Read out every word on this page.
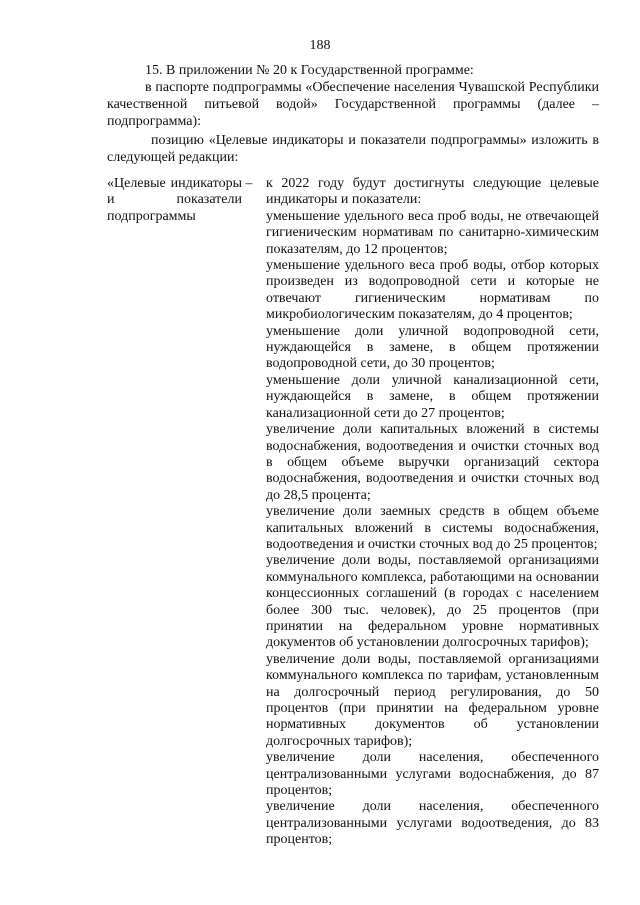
188

15. В приложении № 20 к Государственной программе:

в паспорте подпрограммы «Обеспечение населения Чувашской Республики качественной питьевой водой» Государственной программы (далее – подпрограмма):

позицию «Целевые индикаторы и показатели подпрограммы» изложить в следующей редакции:

«Целевые индикаторы и показатели подпрограммы
– к 2022 году будут достигнуты следующие целевые индикаторы и показатели:

уменьшение удельного веса проб воды, не отвечающей гигиеническим нормативам по санитарно-химическим показателям, до 12 процентов;

уменьшение удельного веса проб воды, отбор которых произведен из водопроводной сети и которые не отвечают гигиеническим нормативам по микробиологическим показателям, до 4 процентов;

уменьшение доли уличной водопроводной сети, нуждающейся в замене, в общем протяжении водопроводной сети, до 30 процентов;

уменьшение доли уличной канализационной сети, нуждающейся в замене, в общем протяжении канализационной сети до 27 процентов;

увеличение доли капитальных вложений в системы водоснабжения, водоотведения и очистки сточных вод в общем объеме выручки организаций сектора водоснабжения, водоотведения и очистки сточных вод до 28,5 процента;

увеличение доли заемных средств в общем объеме капитальных вложений в системы водоснабжения, водоотведения и очистки сточных вод до 25 процентов;

увеличение доли воды, поставляемой организациями коммунального комплекса, работающими на основании концессионных соглашений (в городах с населением более 300 тыс. человек), до 25 процентов (при принятии на федеральном уровне нормативных документов об установлении долгосрочных тарифов);

увеличение доли воды, поставляемой организациями коммунального комплекса по тарифам, установленным на долгосрочный период регулирования, до 50 процентов (при принятии на федеральном уровне нормативных документов об установлении долгосрочных тарифов);

увеличение доли населения, обеспеченного централизованными услугами водоснабжения, до 87 процентов;

увеличение доли населения, обеспеченного централизованными услугами водоотведения, до 83 процентов;
